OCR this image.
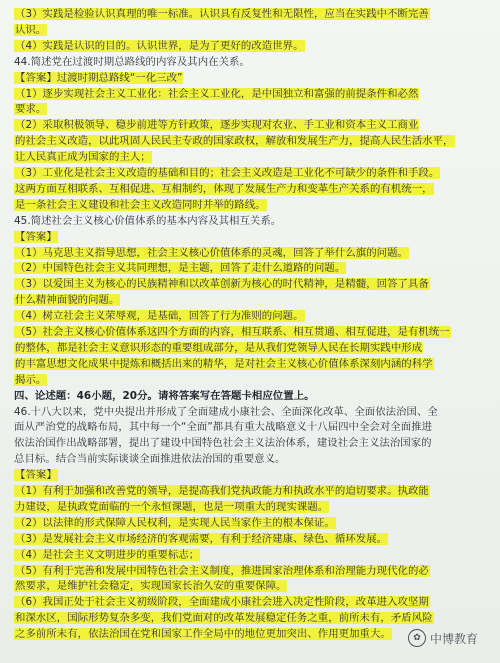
（3）实践是检验认识真理的唯一标准。认识具有反复性和无限性，应当在实践中不断完善
认识。
（4）实践是认识的目的。认识世界，是为了更好的改造世界。
44.简述党在过渡时期总路线的内容及其内在关系。
【答案】过渡时期总路线“一化三改”
（1）逐步实现社会主义工业化：社会主义工业化，是中国独立和富强的前提条件和必然
要求。
（2）采取积极领导、稳步前进等方针政策，逐步实现对农业、手工业和资本主义工商业
的社会主义改造，以此巩固人民民主专政的国家政权，解放和发展生产力，提高人民生活水平，
让人民真正成为国家的主人；
（3）工业化是社会主义改造的基础和目的；社会主义改造是工业化不可缺少的条件和手段。
这两方面互相联系、互相促进、互相制约，体现了发展生产力和变革生产关系的有机统一，
是一条社会主义建设和社会主义改造同时并举的路线。
45.简述社会主义核心价值体系的基本内容及其相互关系。
【答案】
（1）马克思主义指导思想，社会主义核心价值体系的灵魂，回答了举什么旗的问题。
（2）中国特色社会主义共同理想，是主题，回答了走什么道路的问题。
（3）以爱国主义为核心的民族精神和以改革创新为核心的时代精神，是精髓，回答了具备
什么精神面貌的问题。
（4）树立社会主义荣辱观，是基础，回答了行为准则的问题。
（5）社会主义核心价值体系这四个方面的内容，相互联系、相互贯通、相互促进，是有机统一
的整体，都是社会主义意识形态的重要组成部分，是从我们党领导人民在长期实践中形成
的丰富思想文化成果中提炼和概括出来的精华，是对社会主义核心价值体系深刻内涵的科学
揭示。
四、论述题：46小题，20分。请将答案写在答题卡相应位置上。
46.十八大以来，党中央提出并形成了全面建成小康社会、全面深化改革、全面依法治国、全
面从严治党的战略布局，其中每一个“全面”都具有重大战略意义十八届四中全会对全面推进
依法治国作出战略部署，提出了建设中国特色社会主义法治体系，建设社会主义法治国家的
总目标。结合当前实际谈谈全面推进依法治国的重要意义。
【答案】
（1）有利于加强和改善党的领导，是提高我们党执政能力和执政水平的迫切要求。执政能
力建设，是执政党面临的一个永恒课题，也是一项重大的现实课题。
（2）以法律的形式保障人民权利，是实现人民当家作主的根本保证。
（3）是发展社会主义市场经济的客观需要，有利于经济建康、绿色、循环发展。
（4）是社会主义文明进步的重要标志；
（5）有利于完善和发展中国特色社会主义制度，推进国家治理体系和治理能力现代化的必
然要求，是维护社会稳定，实现国家长治久安的重要保障。
（6）我国正处于社会主义初级阶段，全面建成小康社会进入决定性阶段，改革进入攻坚期
和深水区，国际形势复杂多变，我们党面对的改革发展稳定任务之重，前所未有，矛盾风险
之多前所未有，依法治国在党和国家工作全局中的地位更加突出、作用更加重大。	✿ 中博教育
